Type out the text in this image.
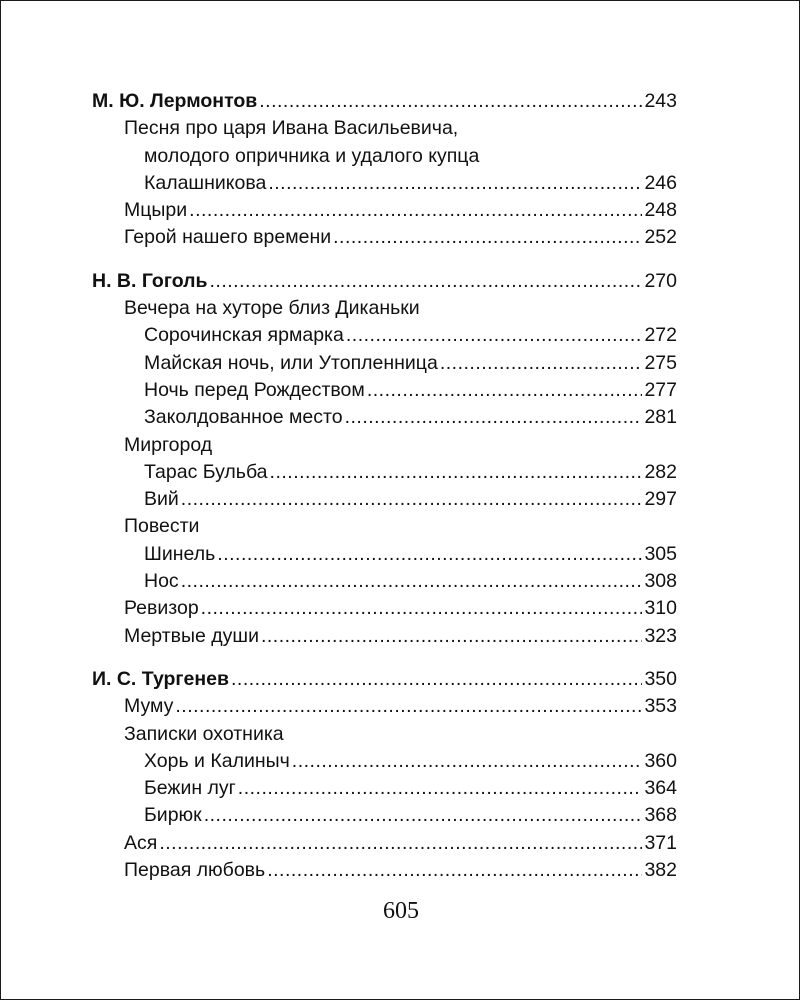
М. Ю. Лермонтов .....	243
Песня про царя Ивана Васильевича,
молодого опричника и удалого купца
Калашникова .....	246
Мцыри .....	248
Герой нашего времени .....	252
Н. В. Гоголь .....	270
Вечера на хуторе близ Диканьки
Сорочинская ярмарка .....	272
Майская ночь, или Утопленница .....	275
Ночь перед Рождеством .....	277
Заколдованное место .....	281
Миргород
Тарас Бульба .....	282
Вий .....	297
Повести
Шинель .....	305
Нос .....	308
Ревизор .....	310
Мертвые души .....	323
И. С. Тургенев .....	350
Муму .....	353
Записки охотника
Хорь и Калиныч .....	360
Бежин луг .....	364
Бирюк .....	368
Ася .....	371
Первая любовь .....	382
605
